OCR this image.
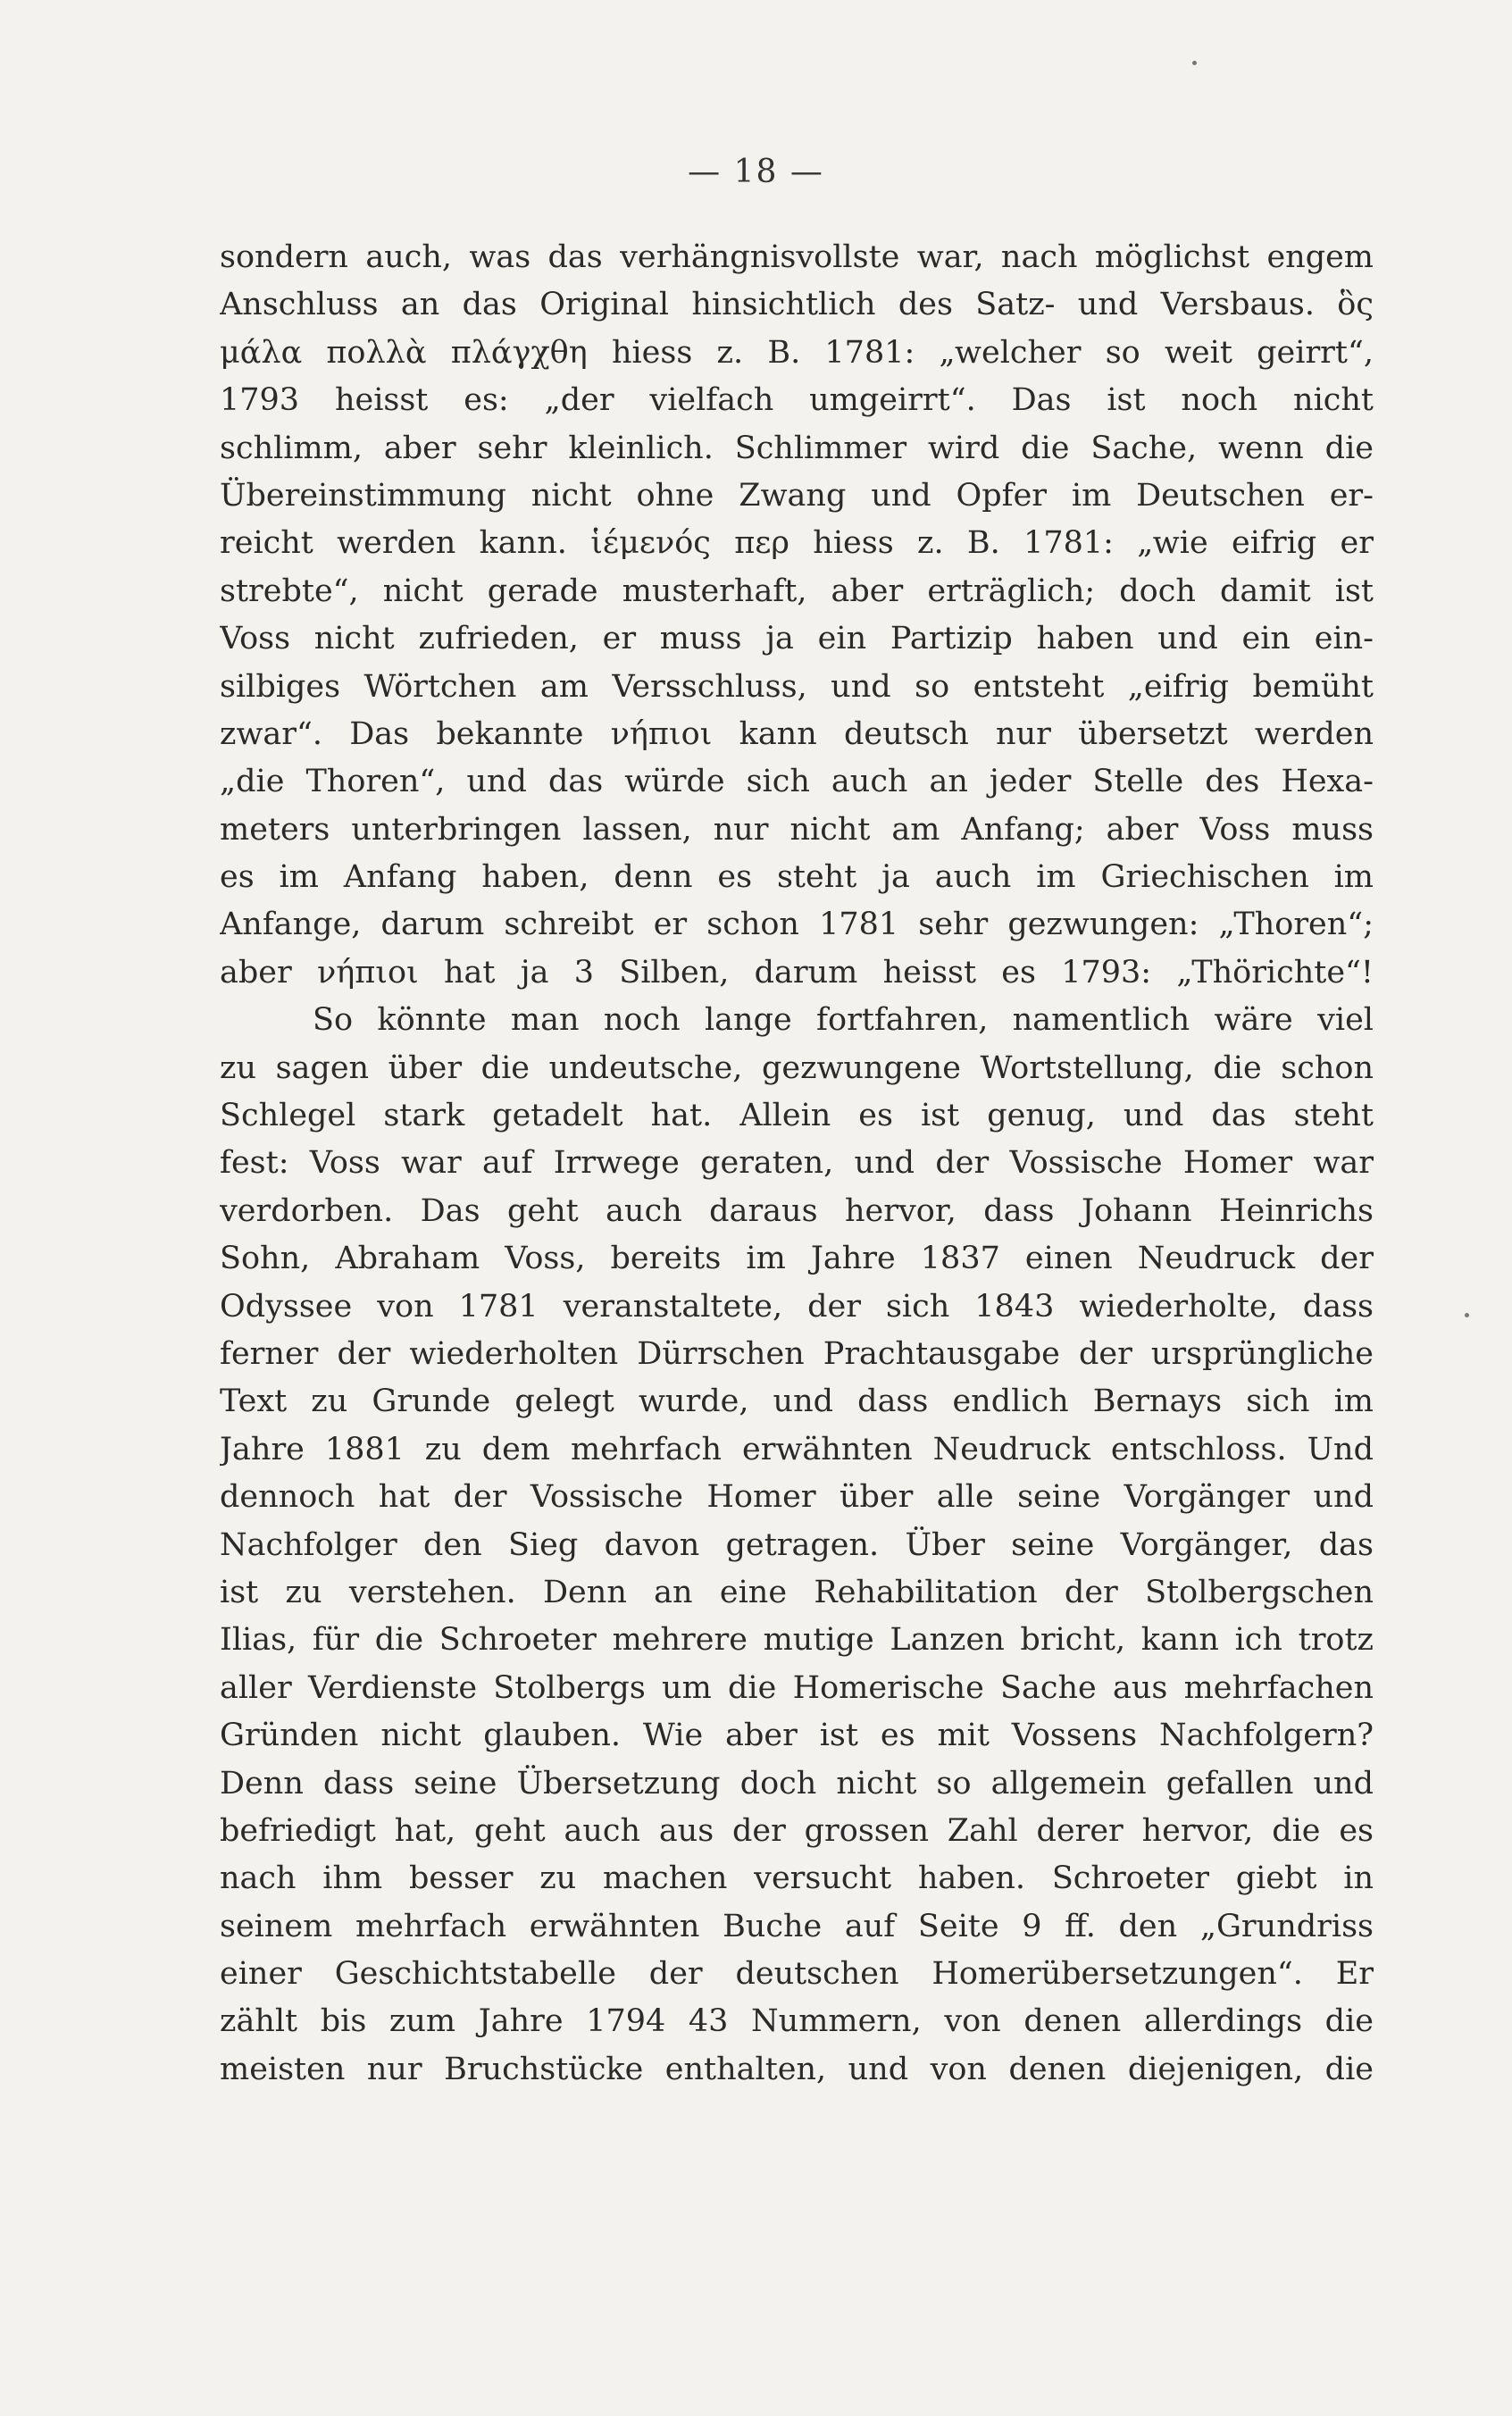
— 18 —
sondern auch, was das verhängnisvollste war, nach möglichst engem
Anschluss an das Original hinsichtlich des Satz- und Versbaus. ὃς
μάλα πολλὰ πλάγχθη hiess z. B. 1781: „welcher so weit geirrt“,
1793 heisst es: „der vielfach umgeirrt“. Das ist noch nicht
schlimm, aber sehr kleinlich. Schlimmer wird die Sache, wenn die
Übereinstimmung nicht ohne Zwang und Opfer im Deutschen er-
reicht werden kann. ἱέμενός περ hiess z. B. 1781: „wie eifrig er
strebte“, nicht gerade musterhaft, aber erträglich; doch damit ist
Voss nicht zufrieden, er muss ja ein Partizip haben und ein ein-
silbiges Wörtchen am Versschluss, und so entsteht „eifrig bemüht
zwar“. Das bekannte νήπιοι kann deutsch nur übersetzt werden
„die Thoren“, und das würde sich auch an jeder Stelle des Hexa-
meters unterbringen lassen, nur nicht am Anfang; aber Voss muss
es im Anfang haben, denn es steht ja auch im Griechischen im
Anfange, darum schreibt er schon 1781 sehr gezwungen: „Thoren“;
aber νήπιοι hat ja 3 Silben, darum heisst es 1793: „Thörichte“!
So könnte man noch lange fortfahren, namentlich wäre viel
zu sagen über die undeutsche, gezwungene Wortstellung, die schon
Schlegel stark getadelt hat. Allein es ist genug, und das steht
fest: Voss war auf Irrwege geraten, und der Vossische Homer war
verdorben. Das geht auch daraus hervor, dass Johann Heinrichs
Sohn, Abraham Voss, bereits im Jahre 1837 einen Neudruck der
Odyssee von 1781 veranstaltete, der sich 1843 wiederholte, dass
ferner der wiederholten Dürrschen Prachtausgabe der ursprüngliche
Text zu Grunde gelegt wurde, und dass endlich Bernays sich im
Jahre 1881 zu dem mehrfach erwähnten Neudruck entschloss. Und
dennoch hat der Vossische Homer über alle seine Vorgänger und
Nachfolger den Sieg davon getragen. Über seine Vorgänger, das
ist zu verstehen. Denn an eine Rehabilitation der Stolbergschen
Ilias, für die Schroeter mehrere mutige Lanzen bricht, kann ich trotz
aller Verdienste Stolbergs um die Homerische Sache aus mehrfachen
Gründen nicht glauben. Wie aber ist es mit Vossens Nachfolgern?
Denn dass seine Übersetzung doch nicht so allgemein gefallen und
befriedigt hat, geht auch aus der grossen Zahl derer hervor, die es
nach ihm besser zu machen versucht haben. Schroeter giebt in
seinem mehrfach erwähnten Buche auf Seite 9 ff. den „Grundriss
einer Geschichtstabelle der deutschen Homerübersetzungen“. Er
zählt bis zum Jahre 1794 43 Nummern, von denen allerdings die
meisten nur Bruchstücke enthalten, und von denen diejenigen, die
